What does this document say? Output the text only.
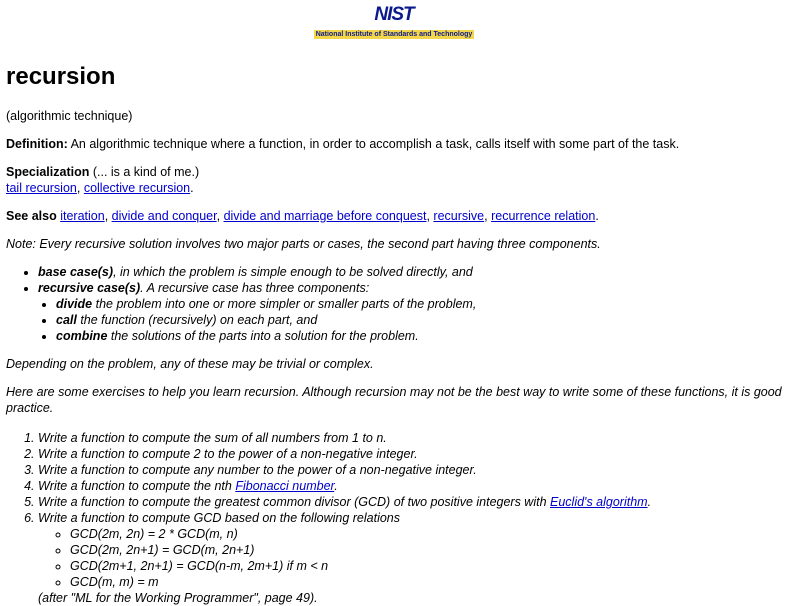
NIST
National Institute of Standards and Technology
recursion

(algorithmic technique)

Definition: An algorithmic technique where a function, in order to accomplish a task, calls itself with some part of the task.

Specialization (... is a kind of me.)
tail recursion, collective recursion.

See also iteration, divide and conquer, divide and marriage before conquest, recursive, recurrence relation.

Note: Every recursive solution involves two major parts or cases, the second part having three components.

• base case(s), in which the problem is simple enough to be solved directly, and
• recursive case(s). A recursive case has three components:
• divide the problem into one or more simpler or smaller parts of the problem,
• call the function (recursively) on each part, and
• combine the solutions of the parts into a solution for the problem.

Depending on the problem, any of these may be trivial or complex.

Here are some exercises to help you learn recursion. Although recursion may not be the best way to write some of these functions, it is good practice.

1. Write a function to compute the sum of all numbers from 1 to n.
2. Write a function to compute 2 to the power of a non-negative integer.
3. Write a function to compute any number to the power of a non-negative integer.
4. Write a function to compute the nth Fibonacci number.
5. Write a function to compute the greatest common divisor (GCD) of two positive integers with Euclid's algorithm.
6. Write a function to compute GCD based on the following relations
◦ GCD(2m, 2n) = 2 * GCD(m, n)
◦ GCD(2m, 2n+1) = GCD(m, 2n+1)
◦ GCD(2m+1, 2n+1) = GCD(n-m, 2m+1) if m < n
◦ GCD(m, m) = m
(after "ML for the Working Programmer", page 49).
